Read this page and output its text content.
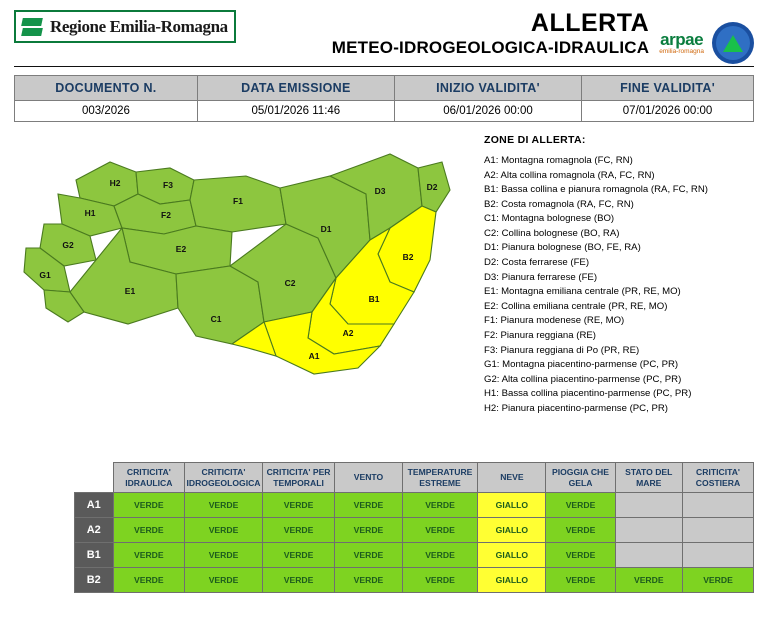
Regione Emilia-Romagna	ALLERTA
METEO-IDROGEOLOGICA-IDRAULICA arpae
emilia-romagna
DOCUMENTO N.	DATA EMISSIONE	INIZIO VALIDITA'	FINE VALIDITA'
003/2026	05/01/2026 11:46	06/01/2026 00:00	07/01/2026 00:00
H2
H1
G2
G1
F3
F2
F1
E2
E1
C1
C2
D1
D3	D2
B2
B1
A2
A1
ZONE DI ALLERTA:
A1: Montagna romagnola (FC, RN)
A2: Alta collina romagnola (RA, FC, RN)
B1: Bassa collina e pianura romagnola (RA, FC, RN)
B2: Costa romagnola (RA, FC, RN)
C1: Montagna bolognese (BO)
C2: Collina bolognese (BO, RA)
D1: Pianura bolognese (BO, FE, RA)
D2: Costa ferrarese (FE)
D3: Pianura ferrarese (FE)
E1: Montagna emiliana centrale (PR, RE, MO)
E2: Collina emiliana centrale (PR, RE, MO)
F1: Pianura modenese (RE, MO)
F2: Pianura reggiana (RE)
F3: Pianura reggiana di Po (PR, RE)
G1: Montagna piacentino-parmense (PC, PR)
G2: Alta collina piacentino-parmense (PC, PR)
H1: Bassa collina piacentino-parmense (PC, PR)
H2: Pianura piacentino-parmense (PC, PR)
	CRITICITA' IDRAULICA	CRITICITA' IDROGEOLOGICA	CRITICITA' PER TEMPORALI	VENTO	TEMPERATURE ESTREME	NEVE	PIOGGIA CHE GELA	STATO DEL MARE	CRITICITA' COSTIERA
A1	VERDE	VERDE	VERDE	VERDE	VERDE	GIALLO	VERDE		
A2	VERDE	VERDE	VERDE	VERDE	VERDE	GIALLO	VERDE		
B1	VERDE	VERDE	VERDE	VERDE	VERDE	GIALLO	VERDE		
B2	VERDE	VERDE	VERDE	VERDE	VERDE	GIALLO	VERDE	VERDE	VERDE
